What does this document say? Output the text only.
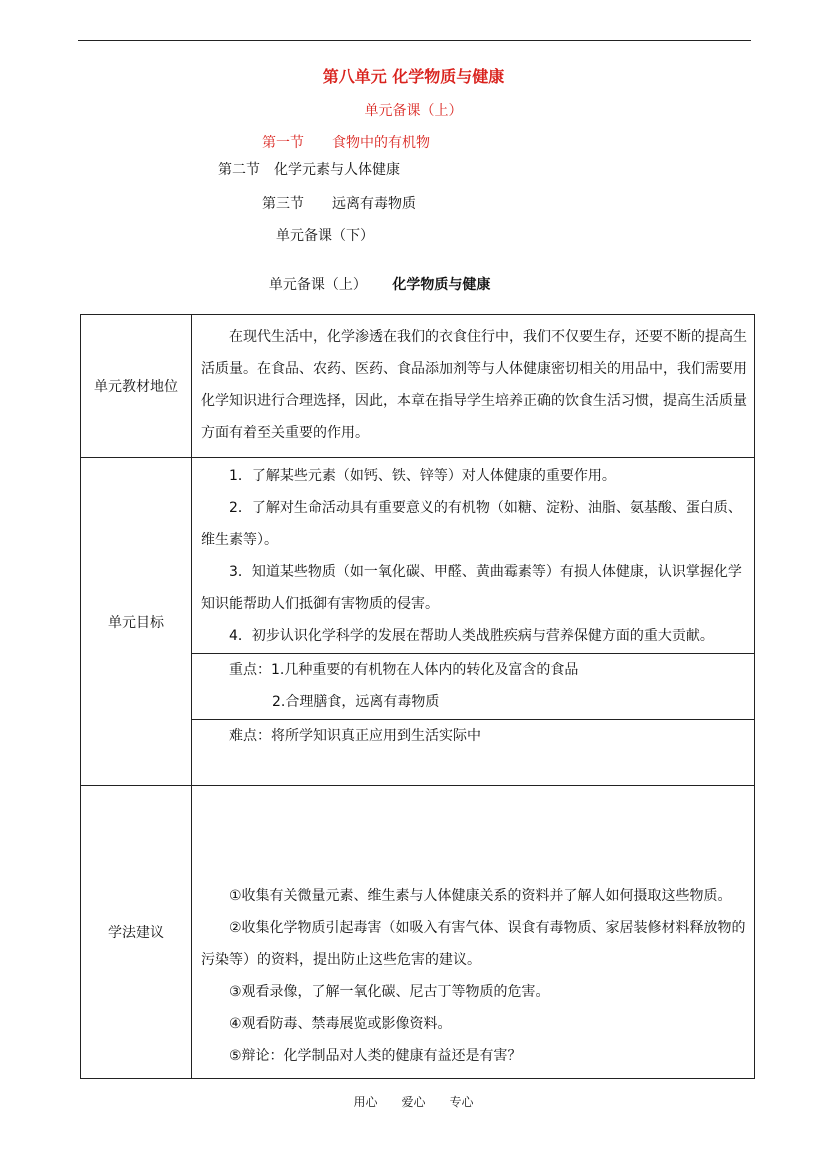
第八单元 化学物质与健康
单元备课（上）
第一节　　食物中的有机物
第二节　化学元素与人体健康
第三节　　远离有毒物质
单元备课（下）

单元备课（上）　　 化学物质与健康

单元教材地位	在现代生活中，化学渗透在我们的衣食住行中，我们不仅要生存，还要不断的提高生活质量。在食品、农药、医药、食品添加剂等与人体健康密切相关的用品中，我们需要用化学知识进行合理选择，因此，本章在指导学生培养正确的饮食生活习惯，提高生活质量方面有着至关重要的作用。

单元目标	1．了解某些元素（如钙、铁、锌等）对人体健康的重要作用。

2．了解对生命活动具有重要意义的有机物（如糖、淀粉、油脂、氨基酸、蛋白质、维生素等）。

3．知道某些物质（如一氧化碳、甲醛、黄曲霉素等）有损人体健康，认识掌握化学知识能帮助人们抵御有害物质的侵害。

4．初步认识化学科学的发展在帮助人类战胜疾病与营养保健方面的重大贡献。

	重点：1.几种重要的有机物在人体内的转化及富含的食品
2.合理膳食，远离有毒物质

	难点：将所学知识真正应用到生活实际中

学法建议	①收集有关微量元素、维生素与人体健康关系的资料并了解人如何摄取这些物质。

②收集化学物质引起毒害（如吸入有害气体、误食有毒物质、家居装修材料释放物的污染等）的资料，提出防止这些危害的建议。

③观看录像，了解一氧化碳、尼古丁等物质的危害。

④观看防毒、禁毒展览或影像资料。

⑤辩论：化学制品对人类的健康有益还是有害？

用心　　爱心　　专心
